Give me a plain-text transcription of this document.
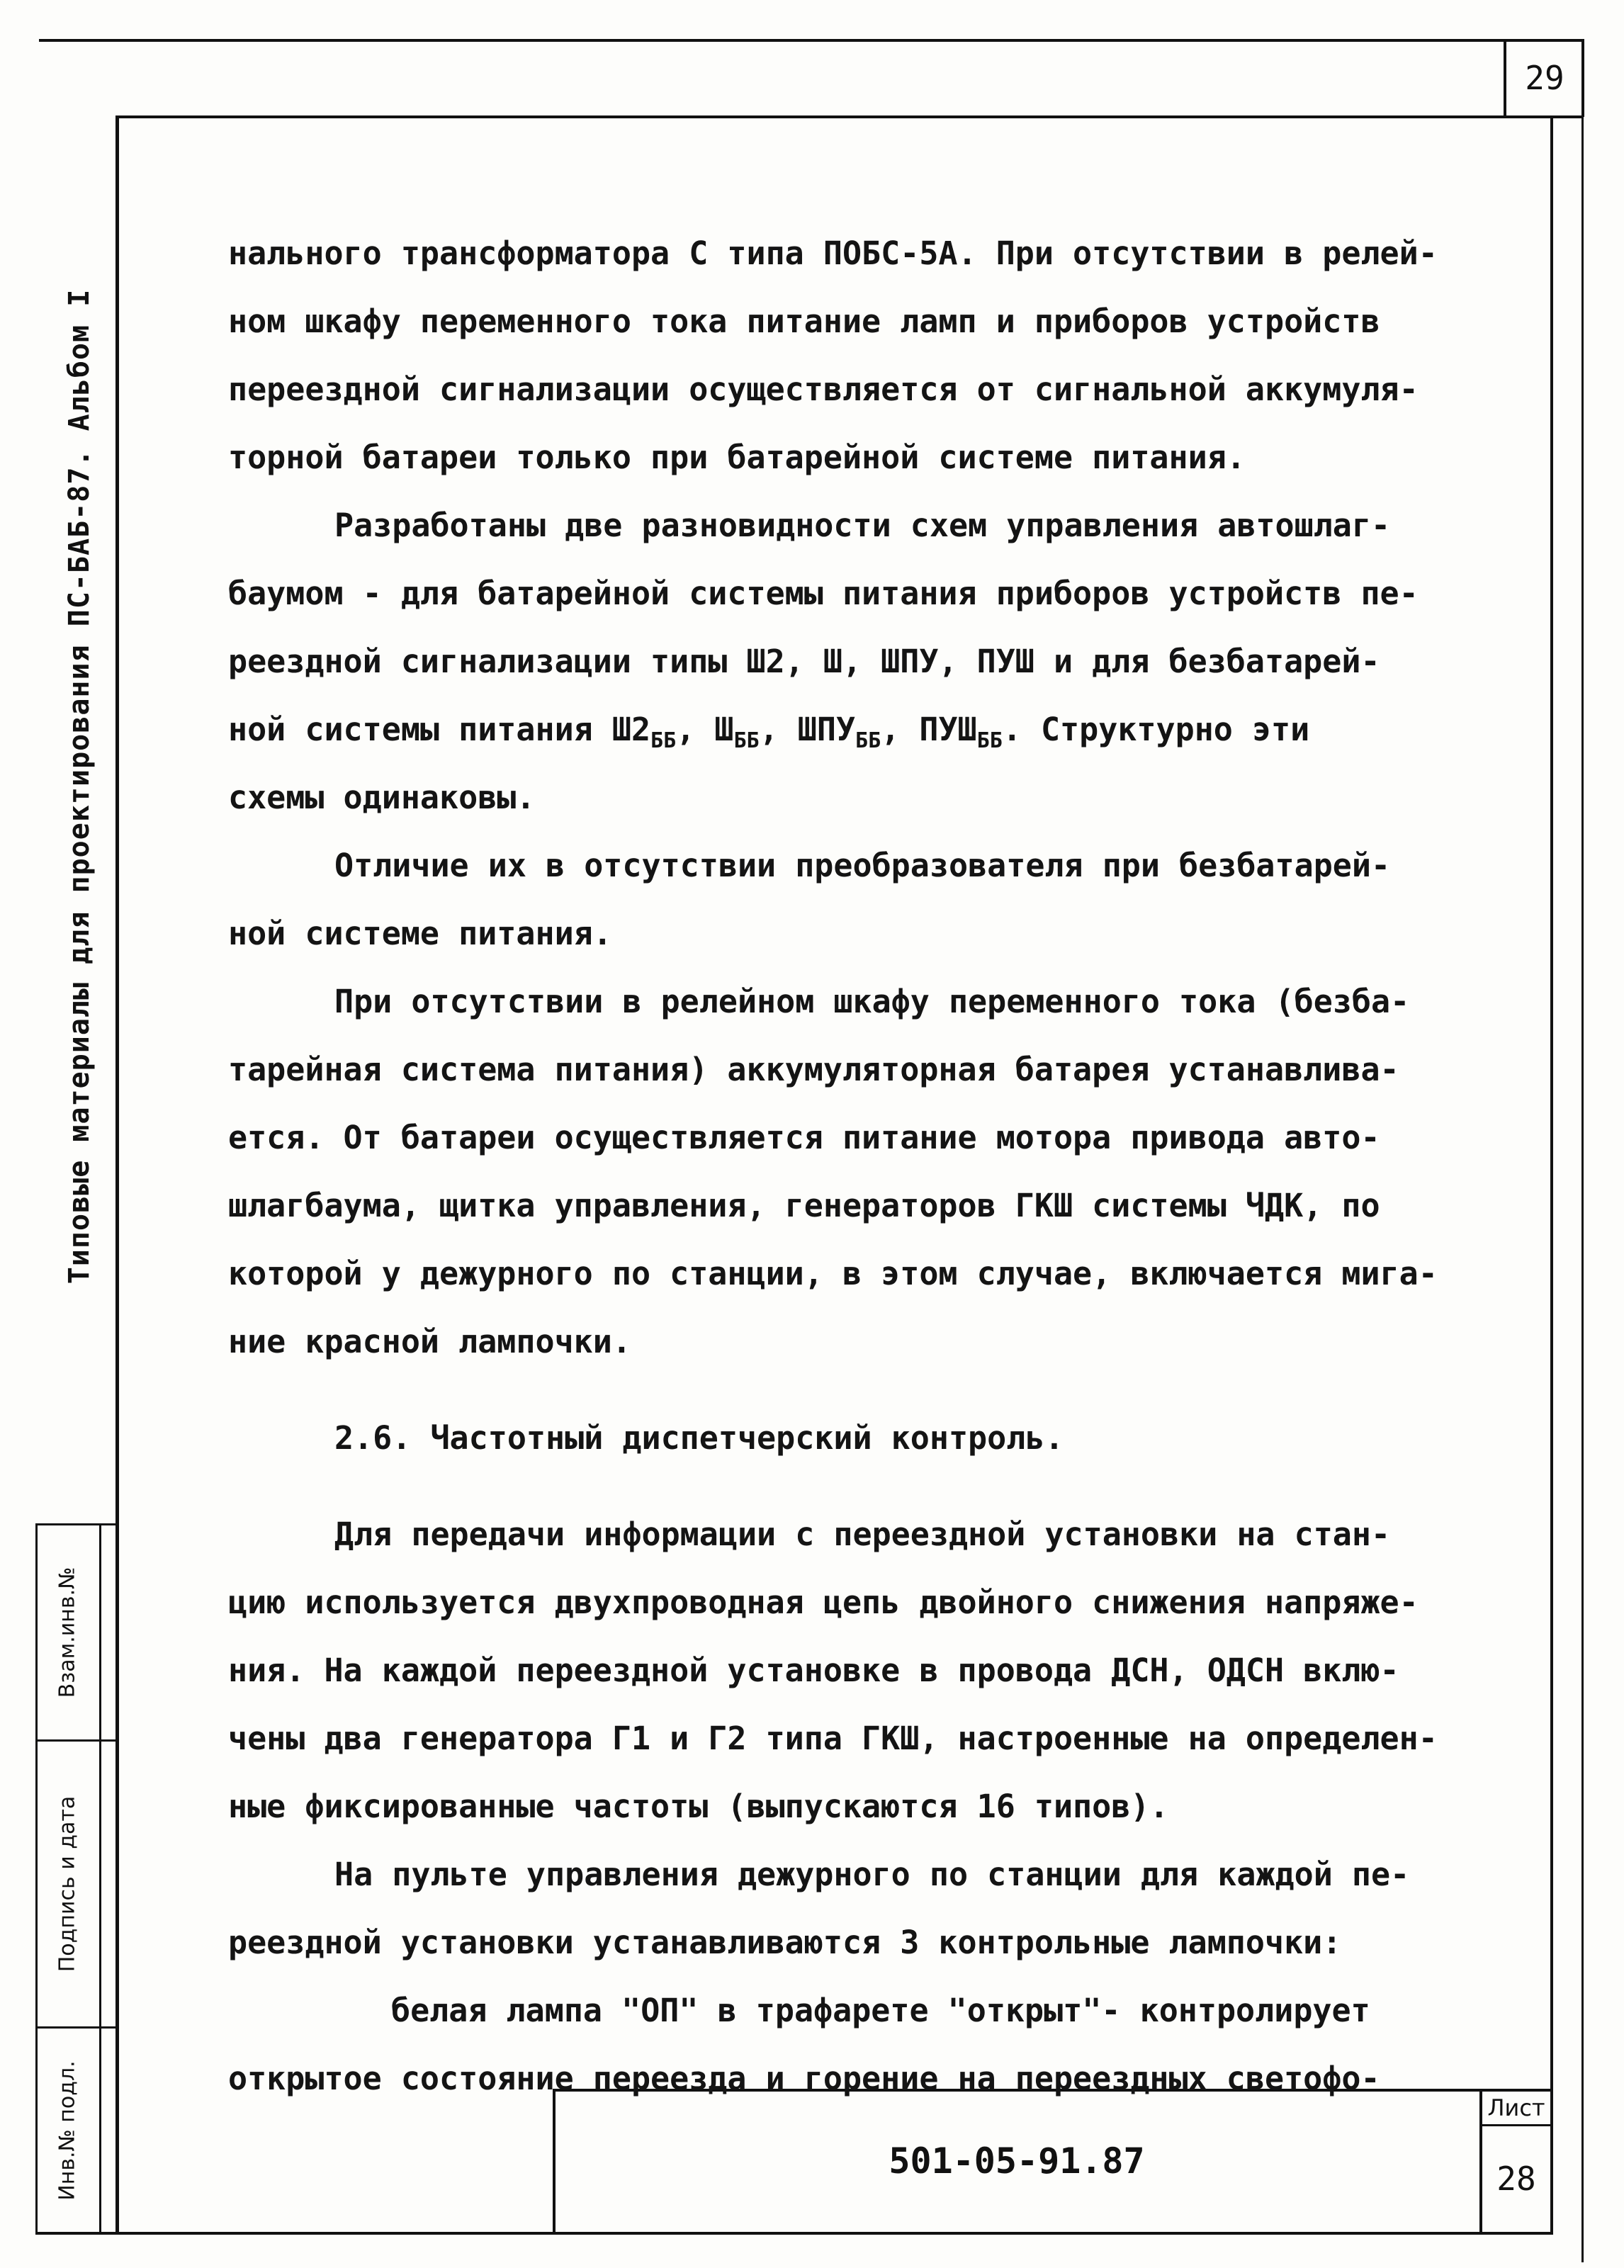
Взам.инв.№
Подпись и дата
Инв.№ подл.
29
Типовые материалы для проектирования ПС-БАБ-87. Альбом I

нального трансформатора С типа ПОБС-5А. При отсутствии в релей-

ном шкафу переменного тока питание ламп и приборов устройств

переездной сигнализации осуществляется от сигнальной аккумуля-

торной батареи только при батарейной системе питания.

Разработаны две разновидности схем управления автошлаг-

баумом - для батарейной системы питания приборов устройств пе-

реездной сигнализации типы Ш2, Ш, ШПУ, ПУШ и для безбатарей-

ной системы питания $Ш2_{ББ}$, $Ш_{ББ}$, $ШПУ_{ББ}$, $ПУШ_{ББ}$. Структурно эти

схемы одинаковы.

Отличие их в отсутствии преобразователя при безбатарей-

ной системе питания.

При отсутствии в релейном шкафу переменного тока (безба-

тарейная система питания) аккумуляторная батарея устанавлива-

ется. От батареи осуществляется питание мотора привода авто-

шлагбаума, щитка управления, генераторов ГКШ системы ЧДК, по

которой у дежурного по станции, в этом случае, включается мига-

ние красной лампочки.

2.6. Частотный диспетчерский контроль.

Для передачи информации с переездной установки на стан-

цию используется двухпроводная цепь двойного снижения напряже-

ния. На каждой переездной установке в провода ДСН, ОДСН вклю-

чены два генератора Г1 и Г2 типа ГКШ, настроенные на определен-

ные фиксированные частоты (выпускаются 16 типов).

На пульте управления дежурного по станции для каждой пе-

реездной установки устанавливаются 3 контрольные лампочки:

белая лампа "ОП" в трафарете "открыт"- контролирует

открытое состояние переезда и горение на переездных светофо-

501-05-91.87
Лист
28
